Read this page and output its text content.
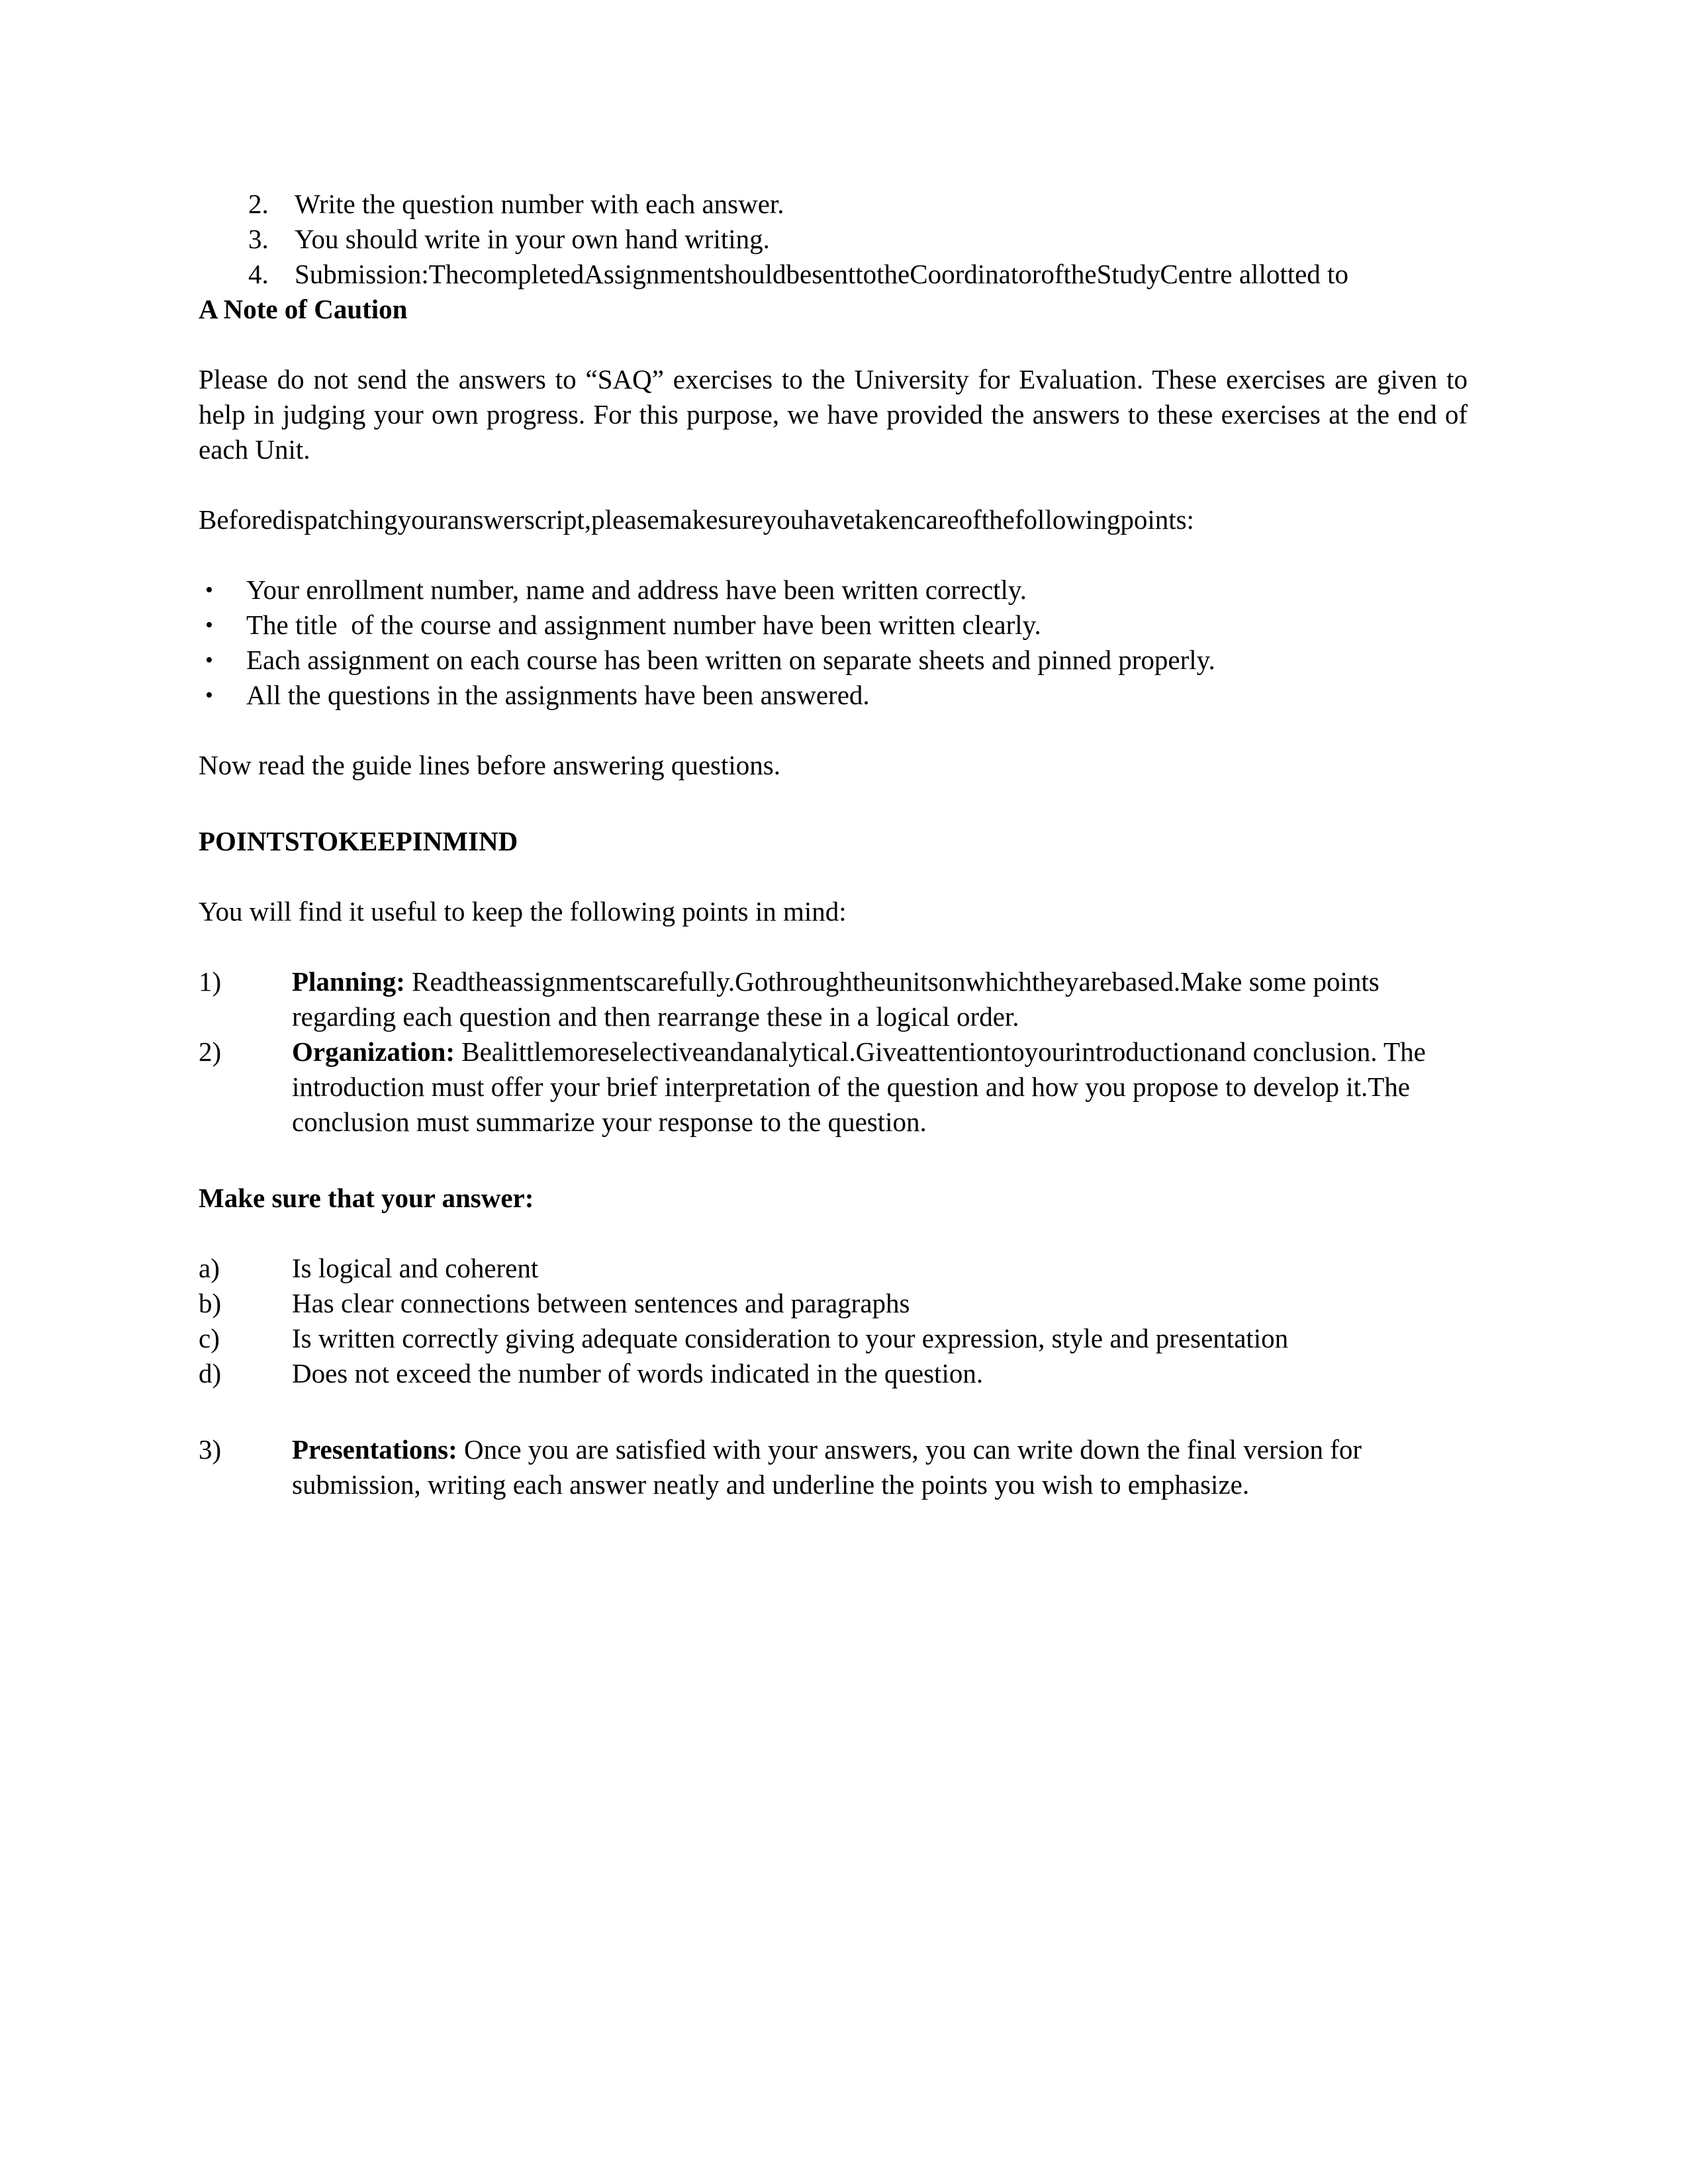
2. Write the question number with each answer.
3. You should write in your own hand writing.
4. Submission:ThecompletedAssignmentshouldbesenttotheCoordinatoroftheStudyCentre allotted to
A Note of Caution

Please do not send the answers to “SAQ” exercises to the University for Evaluation. These exercises are given to help in judging your own progress. For this purpose, we have provided the answers to these exercises at the end of each Unit.

Beforedispatchingyouranswerscript,pleasemakesureyouhavetakencareofthefollowingpoints:

• Your enrollment number, name and address have been written correctly.
• The title  of the course and assignment number have been written clearly.
• Each assignment on each course has been written on separate sheets and pinned properly.
• All the questions in the assignments have been answered.

Now read the guide lines before answering questions.

POINTSTOKEEPINMIND

You will find it useful to keep the following points in mind:

1)	Planning: Readtheassignmentscarefully.Gothroughtheunitsonwhichtheyarebased.Make some points regarding each question and then rearrange these in a logical order.
2)	Organization: Bealittlemoreselectiveandanalytical.Giveattentiontoyourintroductionand conclusion. The introduction must offer your brief interpretation of the question and how you propose to develop it.The conclusion must summarize your response to the question.
Make sure that your answer:
a)	Is logical and coherent
b)	Has clear connections between sentences and paragraphs
c)	Is written correctly giving adequate consideration to your expression, style and presentation
d)	Does not exceed the number of words indicated in the question.
3)	Presentations: Once you are satisfied with your answers, you can write down the final version for submission, writing each answer neatly and underline the points you wish to emphasize.
